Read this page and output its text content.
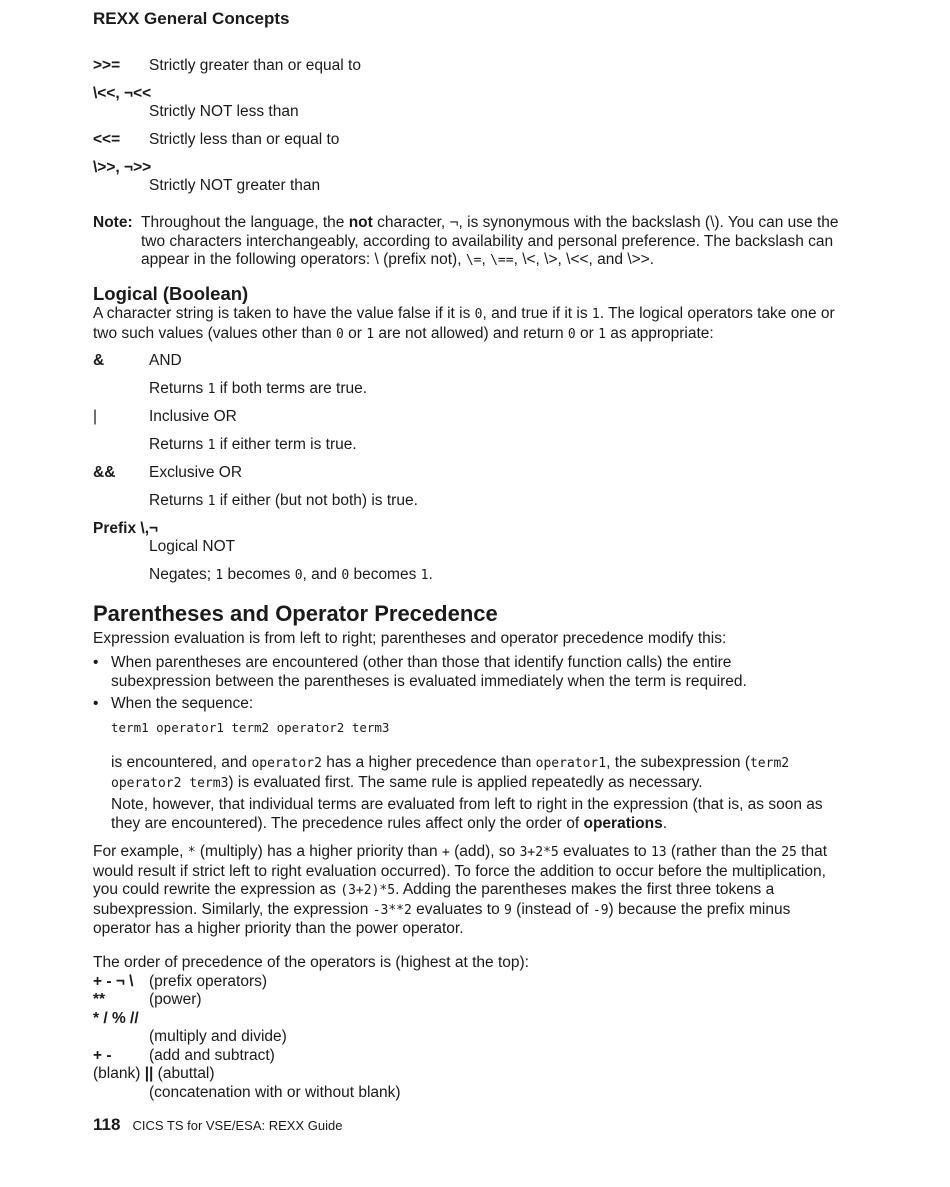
REXX General Concepts
>>= Strictly greater than or equal to
\<<, ¬<<
Strictly NOT less than
<<= Strictly less than or equal to
\>>, ¬>>
Strictly NOT greater than
Note: Throughout the language, the not character, ¬, is synonymous with the backslash (\). You can use the two characters interchangeably, according to availability and personal preference. The backslash can appear in the following operators: \ (prefix not), \=, \==, \<, \>, \<<, and \>>.
Logical (Boolean)
A character string is taken to have the value false if it is 0, and true if it is 1. The logical operators take one or two such values (values other than 0 or 1 are not allowed) and return 0 or 1 as appropriate:
&	AND
Returns 1 if both terms are true.
|	Inclusive OR
Returns 1 if either term is true.
&& Exclusive OR
Returns 1 if either (but not both) is true.
Prefix \,¬
Logical NOT
Negates; 1 becomes 0, and 0 becomes 1.
Parentheses and Operator Precedence
Expression evaluation is from left to right; parentheses and operator precedence modify this:
• When parentheses are encountered (other than those that identify function calls) the entire subexpression between the parentheses is evaluated immediately when the term is required.
• When the sequence:
term1 operator1 term2 operator2 term3
is encountered, and operator2 has a higher precedence than operator1, the subexpression (term2 operator2 term3) is evaluated first. The same rule is applied repeatedly as necessary.
Note, however, that individual terms are evaluated from left to right in the expression (that is, as soon as they are encountered). The precedence rules affect only the order of operations.
For example, * (multiply) has a higher priority than + (add), so 3+2*5 evaluates to 13 (rather than the 25 that would result if strict left to right evaluation occurred). To force the addition to occur before the multiplication, you could rewrite the expression as (3+2)*5. Adding the parentheses makes the first three tokens a subexpression. Similarly, the expression -3**2 evaluates to 9 (instead of -9) because the prefix minus operator has a higher priority than the power operator.
The order of precedence of the operators is (highest at the top):
+ - ¬ \ (prefix operators)
**	(power)
* / % //
(multiply and divide)
+ - (add and subtract)
(blank) || (abuttal)
(concatenation with or without blank)
118 CICS TS for VSE/ESA: REXX Guide
